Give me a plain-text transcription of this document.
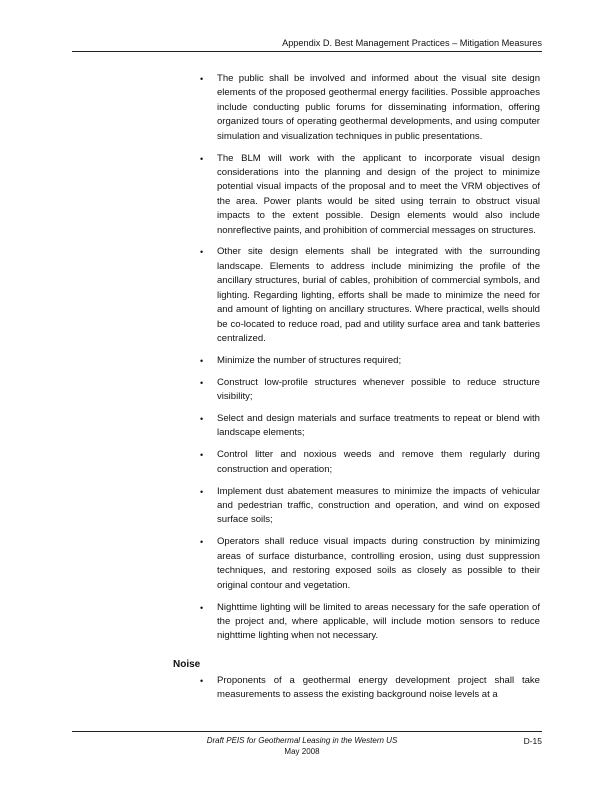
Appendix D. Best Management Practices – Mitigation Measures
• The public shall be involved and informed about the visual site design elements of the proposed geothermal energy facilities. Possible approaches include conducting public forums for disseminating information, offering organized tours of operating geothermal developments, and using computer simulation and visualization techniques in public presentations.
• The BLM will work with the applicant to incorporate visual design considerations into the planning and design of the project to minimize potential visual impacts of the proposal and to meet the VRM objectives of the area. Power plants would be sited using terrain to obstruct visual impacts to the extent possible. Design elements would also include nonreflective paints, and prohibition of commercial messages on structures.
• Other site design elements shall be integrated with the surrounding landscape. Elements to address include minimizing the profile of the ancillary structures, burial of cables, prohibition of commercial symbols, and lighting. Regarding lighting, efforts shall be made to minimize the need for and amount of lighting on ancillary structures. Where practical, wells should be co-located to reduce road, pad and utility surface area and tank batteries centralized.
• Minimize the number of structures required;
• Construct low-profile structures whenever possible to reduce structure visibility;
• Select and design materials and surface treatments to repeat or blend with landscape elements;
• Control litter and noxious weeds and remove them regularly during construction and operation;
• Implement dust abatement measures to minimize the impacts of vehicular and pedestrian traffic, construction and operation, and wind on exposed surface soils;
• Operators shall reduce visual impacts during construction by minimizing areas of surface disturbance, controlling erosion, using dust suppression techniques, and restoring exposed soils as closely as possible to their original contour and vegetation.
• Nighttime lighting will be limited to areas necessary for the safe operation of the project and, where applicable, will include motion sensors to reduce nighttime lighting when not necessary.
Noise
• Proponents of a geothermal energy development project shall take measurements to assess the existing background noise levels at a
Draft PEIS for Geothermal Leasing in the Western US
May 2008
D-15
